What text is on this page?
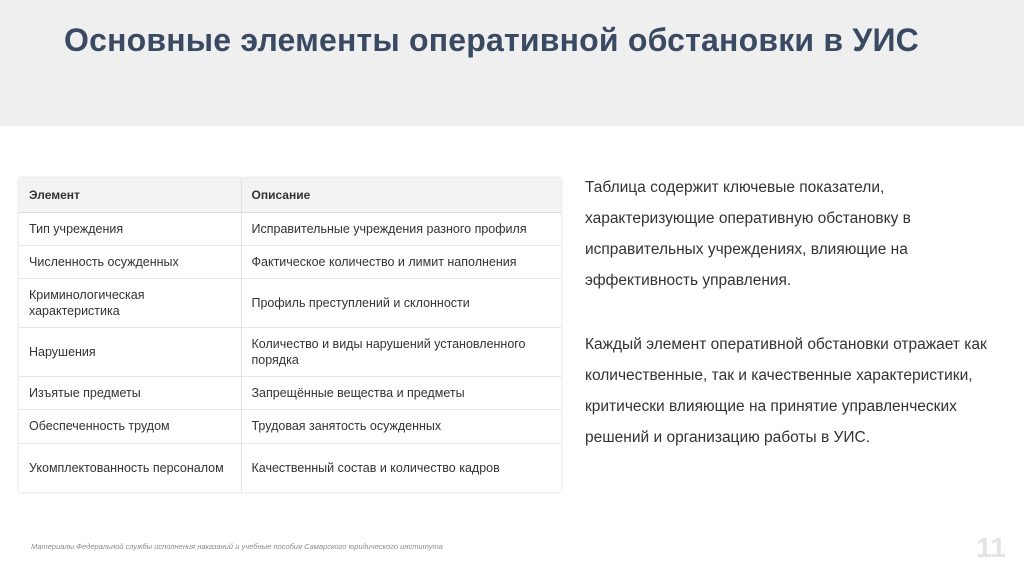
Основные элементы оперативной обстановки в УИС
Элемент	Описание
Тип учреждения	Исправительные учреждения разного профиля
Численность осужденных	Фактическое количество и лимит наполнения
Криминологическая характеристика	Профиль преступлений и склонности
Нарушения	Количество и виды нарушений установленного порядка
Изъятые предметы	Запрещённые вещества и предметы
Обеспеченность трудом	Трудовая занятость осужденных
Укомплектованность персоналом	Качественный состав и количество кадров
Таблица содержит ключевые показатели, характеризующие оперативную обстановку в исправительных учреждениях, влияющие на эффективность управления.
Каждый элемент оперативной обстановки отражает как количественные, так и качественные характеристики, критически влияющие на принятие управленческих решений и организацию работы в УИС.
Материалы Федеральной службы исполнения наказаний и учебные пособия Самарского юридического института	11
